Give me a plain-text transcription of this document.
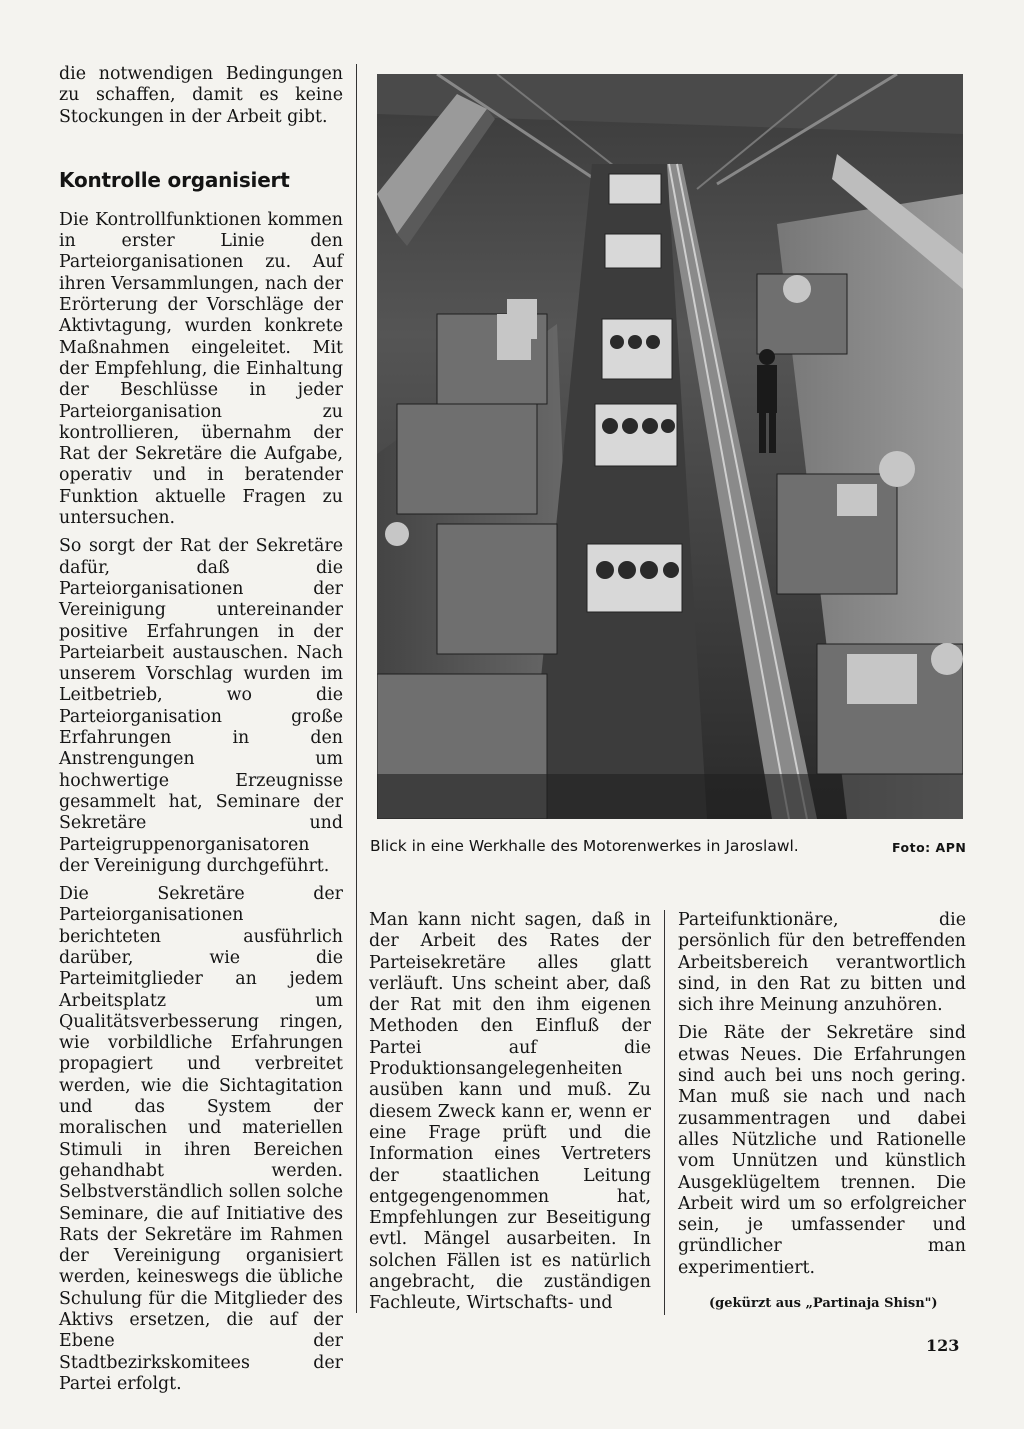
die notwendigen Bedingungen zu schaffen, damit es keine Stockungen in der Arbeit gibt.

Kontrolle organisiert

Die Kontrollfunktionen kommen in erster Linie den Parteiorganisationen zu. Auf ihren Versammlungen, nach der Erörterung der Vorschläge der Aktivtagung, wurden konkrete Maßnahmen eingeleitet. Mit der Empfehlung, die Einhaltung der Beschlüsse in jeder Parteiorganisation zu kontrollieren, übernahm der Rat der Sekretäre die Aufgabe, operativ und in beratender Funktion aktuelle Fragen zu untersuchen.

So sorgt der Rat der Sekretäre dafür, daß die Parteiorganisationen der Vereinigung untereinander positive Erfahrungen in der Parteiarbeit austauschen. Nach unserem Vorschlag wurden im Leitbetrieb, wo die Parteiorganisation große Erfahrungen in den Anstrengungen um hochwertige Erzeugnisse gesammelt hat, Seminare der Sekretäre und Parteigruppenorganisatoren der Vereinigung durchgeführt.

Die Sekretäre der Parteiorganisationen berichteten ausführlich darüber, wie die Parteimitglieder an jedem Arbeitsplatz um Qualitätsverbesserung ringen, wie vorbildliche Erfahrungen propagiert und verbreitet werden, wie die Sichtagitation und das System der moralischen und materiellen Stimuli in ihren Bereichen gehandhabt werden. Selbstverständlich sollen solche Seminare, die auf Initiative des Rats der Sekretäre im Rahmen der Vereinigung organisiert werden, keineswegs die übliche Schulung für die Mitglieder des Aktivs ersetzen, die auf der Ebene der Stadtbezirkskomitees der Partei erfolgt.

Blick in eine Werkhalle des Motorenwerkes in Jaroslawl.	Foto: APN

Man kann nicht sagen, daß in der Arbeit des Rates der Parteisekretäre alles glatt verläuft. Uns scheint aber, daß der Rat mit den ihm eigenen Methoden den Einfluß der Partei auf die Produktionsangelegenheiten ausüben kann und muß. Zu diesem Zweck kann er, wenn er eine Frage prüft und die Information eines Vertreters der staatlichen Leitung entgegengenommen hat, Empfehlungen zur Beseitigung evtl. Mängel ausarbeiten. In solchen Fällen ist es natürlich angebracht, die zuständigen Fachleute, Wirtschafts- und

Parteifunktionäre, die persönlich für den betreffenden Arbeitsbereich verantwortlich sind, in den Rat zu bitten und sich ihre Meinung anzuhören.

Die Räte der Sekretäre sind etwas Neues. Die Erfahrungen sind auch bei uns noch gering. Man muß sie nach und nach zusammentragen und dabei alles Nützliche und Rationelle vom Unnützen und künstlich Ausgeklügeltem trennen. Die Arbeit wird um so erfolgreicher sein, je umfassender und gründlicher man experimentiert.

(gekürzt aus „Partinaja Shisn")
123
